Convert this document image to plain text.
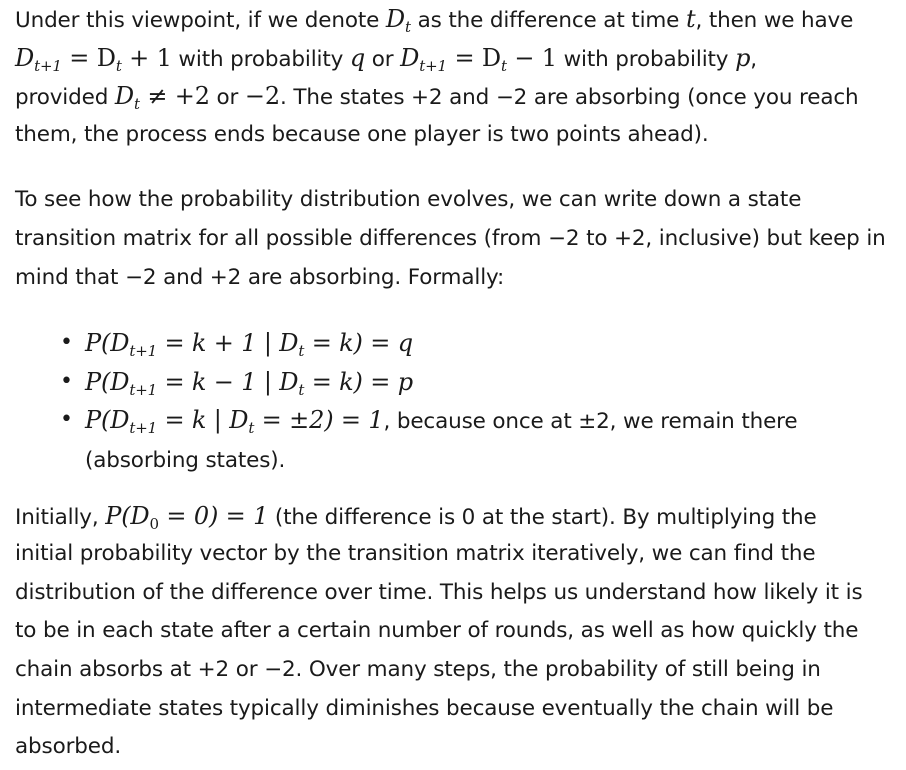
Under this viewpoint, if we denote $D_t$ as the difference at time t, then we have
$D_{t+1} = D_t + 1$ with probability q or $D_{t+1} = D_t - 1$ with probability p,
provided $D_t \ne +2$ or −2. The states +2 and −2 are absorbing (once you reach
them, the process ends because one player is two points ahead).
To see how the probability distribution evolves, we can write down a state
transition matrix for all possible differences (from −2 to +2, inclusive) but keep in
mind that −2 and +2 are absorbing. Formally:
• $P(D_{t+1} = k + 1$ | $D_t = k) = q$
• $P(D_{t+1} = k - 1$ | $D_t = k) = p$
• $P(D_{t+1} = k$ | $D_t = \pm 2) = 1$, because once at ±2, we remain there
(absorbing states).
Initially, $P(D_0 = 0) = 1$ (the difference is 0 at the start). By multiplying the
initial probability vector by the transition matrix iteratively, we can find the
distribution of the difference over time. This helps us understand how likely it is
to be in each state after a certain number of rounds, as well as how quickly the
chain absorbs at +2 or −2. Over many steps, the probability of still being in
intermediate states typically diminishes because eventually the chain will be
absorbed.
